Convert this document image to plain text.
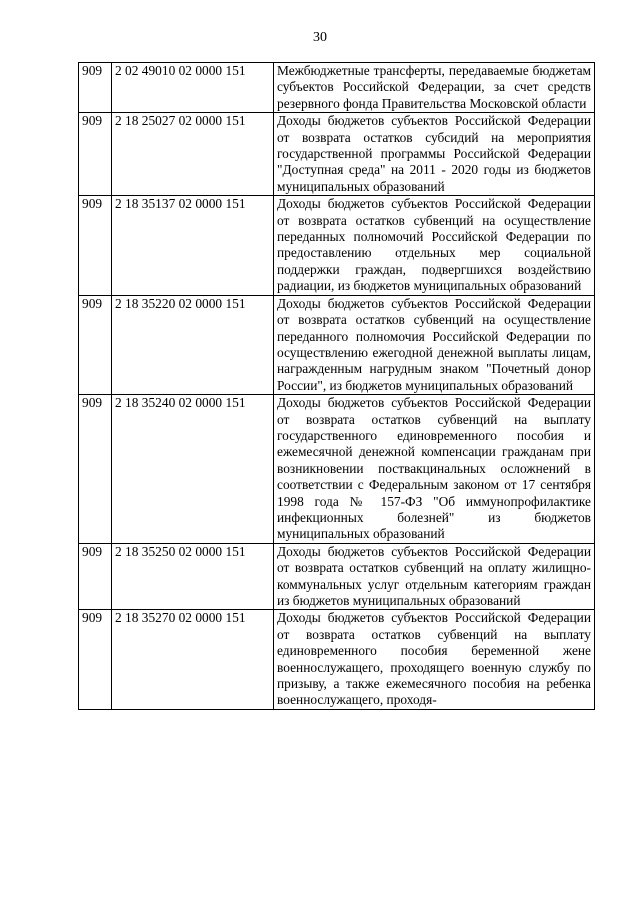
30
909	2 02 49010 02 0000 151	Межбюджетные трансферты, передаваемые бюджетам субъектов Российской Федерации, за счет средств резервного фонда Правительства Московской области
909	2 18 25027 02 0000 151	Доходы бюджетов субъектов Российской Федерации от возврата остатков субсидий на мероприятия государственной программы Российской Федерации "Доступная среда" на 2011 - 2020 годы из бюджетов муниципальных образований
909	2 18 35137 02 0000 151	Доходы бюджетов субъектов Российской Федерации от возврата остатков субвенций на осуществление переданных полномочий Российской Федерации по предоставлению отдельных мер социальной поддержки граждан, подвергшихся воздействию радиации, из бюджетов муниципальных образований
909	2 18 35220 02 0000 151	Доходы бюджетов субъектов Российской Федерации от возврата остатков субвенций на осуществление переданного полномочия Российской Федерации по осуществлению ежегодной денежной выплаты лицам, награжденным нагрудным знаком "Почетный донор России", из бюджетов муниципальных образований
909	2 18 35240 02 0000 151	Доходы бюджетов субъектов Российской Федерации от возврата остатков субвенций на выплату государственного единовременного пособия и ежемесячной денежной компенсации гражданам при возникновении поствакцинальных осложнений в соответствии с Федеральным законом от 17 сентября 1998 года № 157-ФЗ "Об иммунопрофилактике инфекционных болезней" из бюджетов муниципальных образований
909	2 18 35250 02 0000 151	Доходы бюджетов субъектов Российской Федерации от возврата остатков субвенций на оплату жилищно-коммунальных услуг отдельным категориям граждан из бюджетов муниципальных образований
909	2 18 35270 02 0000 151	Доходы бюджетов субъектов Российской Федерации от возврата остатков субвенций на выплату единовременного пособия беременной жене военнослужащего, проходящего военную службу по призыву, а также ежемесячного пособия на ребенка военнослужащего, проходя-
